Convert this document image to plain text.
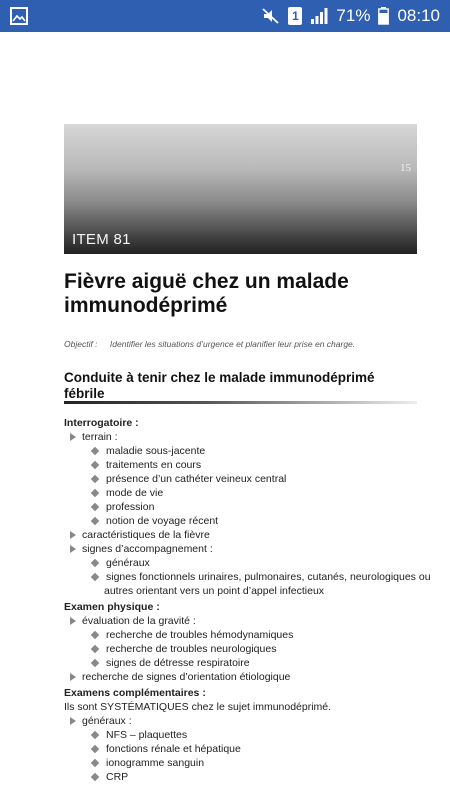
1 71% 08:10
15
ITEM 81
Fièvre aiguë chez un malade
immunodéprimé
Objectif : Identifier les situations d’urgence et planifier leur prise en charge.
Conduite à tenir chez le malade immunodéprimé
fébrile
Interrogatoire :
terrain :
maladie sous-jacente
traitements en cours
présence d’un cathéter veineux central
mode de vie
profession
notion de voyage récent
caractéristiques de la fièvre
signes d’accompagnement :
généraux
signes fonctionnels urinaires, pulmonaires, cutanés, neurologiques ou
autres orientant vers un point d’appel infectieux
Examen physique :
évaluation de la gravité :
recherche de troubles hémodynamiques
recherche de troubles neurologiques
signes de détresse respiratoire
recherche de signes d’orientation étiologique
Examens complémentaires :
Ils sont SYSTÉMATIQUES chez le sujet immunodéprimé.
généraux :
NFS – plaquettes
fonctions rénale et hépatique
ionogramme sanguin
CRP
